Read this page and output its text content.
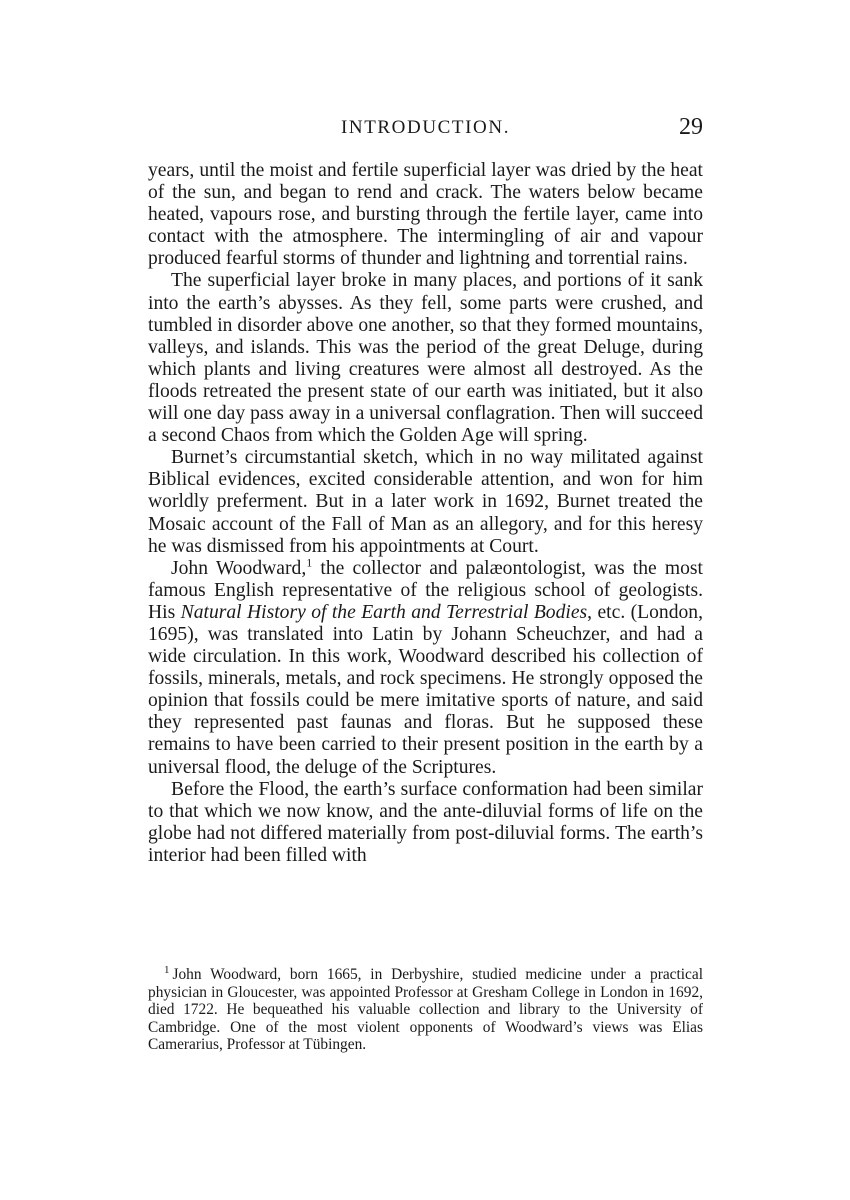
INTRODUCTION.	29

years, until the moist and fertile superficial layer was dried by the heat of the sun, and began to rend and crack. The waters below became heated, vapours rose, and bursting through the fertile layer, came into contact with the atmosphere. The intermingling of air and vapour produced fearful storms of thunder and lightning and torrential rains.

The superficial layer broke in many places, and portions of it sank into the earth’s abysses. As they fell, some parts were crushed, and tumbled in disorder above one another, so that they formed mountains, valleys, and islands. This was the period of the great Deluge, during which plants and living creatures were almost all destroyed. As the floods retreated the present state of our earth was initiated, but it also will one day pass away in a universal conflagration. Then will succeed a second Chaos from which the Golden Age will spring.

Burnet’s circumstantial sketch, which in no way militated against Biblical evidences, excited considerable attention, and won for him worldly preferment. But in a later work in 1692, Burnet treated the Mosaic account of the Fall of Man as an allegory, and for this heresy he was dismissed from his appointments at Court.

John Woodward,$^1$ the collector and palæontologist, was the most famous English representative of the religious school of geologists. His Natural History of the Earth and Terrestrial Bodies, etc. (London, 1695), was translated into Latin by Johann Scheuchzer, and had a wide circulation. In this work, Woodward described his collection of fossils, minerals, metals, and rock specimens. He strongly opposed the opinion that fossils could be mere imitative sports of nature, and said they represented past faunas and floras. But he supposed these remains to have been carried to their present position in the earth by a universal flood, the deluge of the Scriptures.

Before the Flood, the earth’s surface conformation had been similar to that which we now know, and the ante-diluvial forms of life on the globe had not differed materially from post-diluvial forms. The earth’s interior had been filled with

$^1$ John Woodward, born 1665, in Derbyshire, studied medicine under a practical physician in Gloucester, was appointed Professor at Gresham College in London in 1692, died 1722. He bequeathed his valuable collection and library to the University of Cambridge. One of the most violent opponents of Woodward’s views was Elias Camerarius, Professor at Tübingen.
